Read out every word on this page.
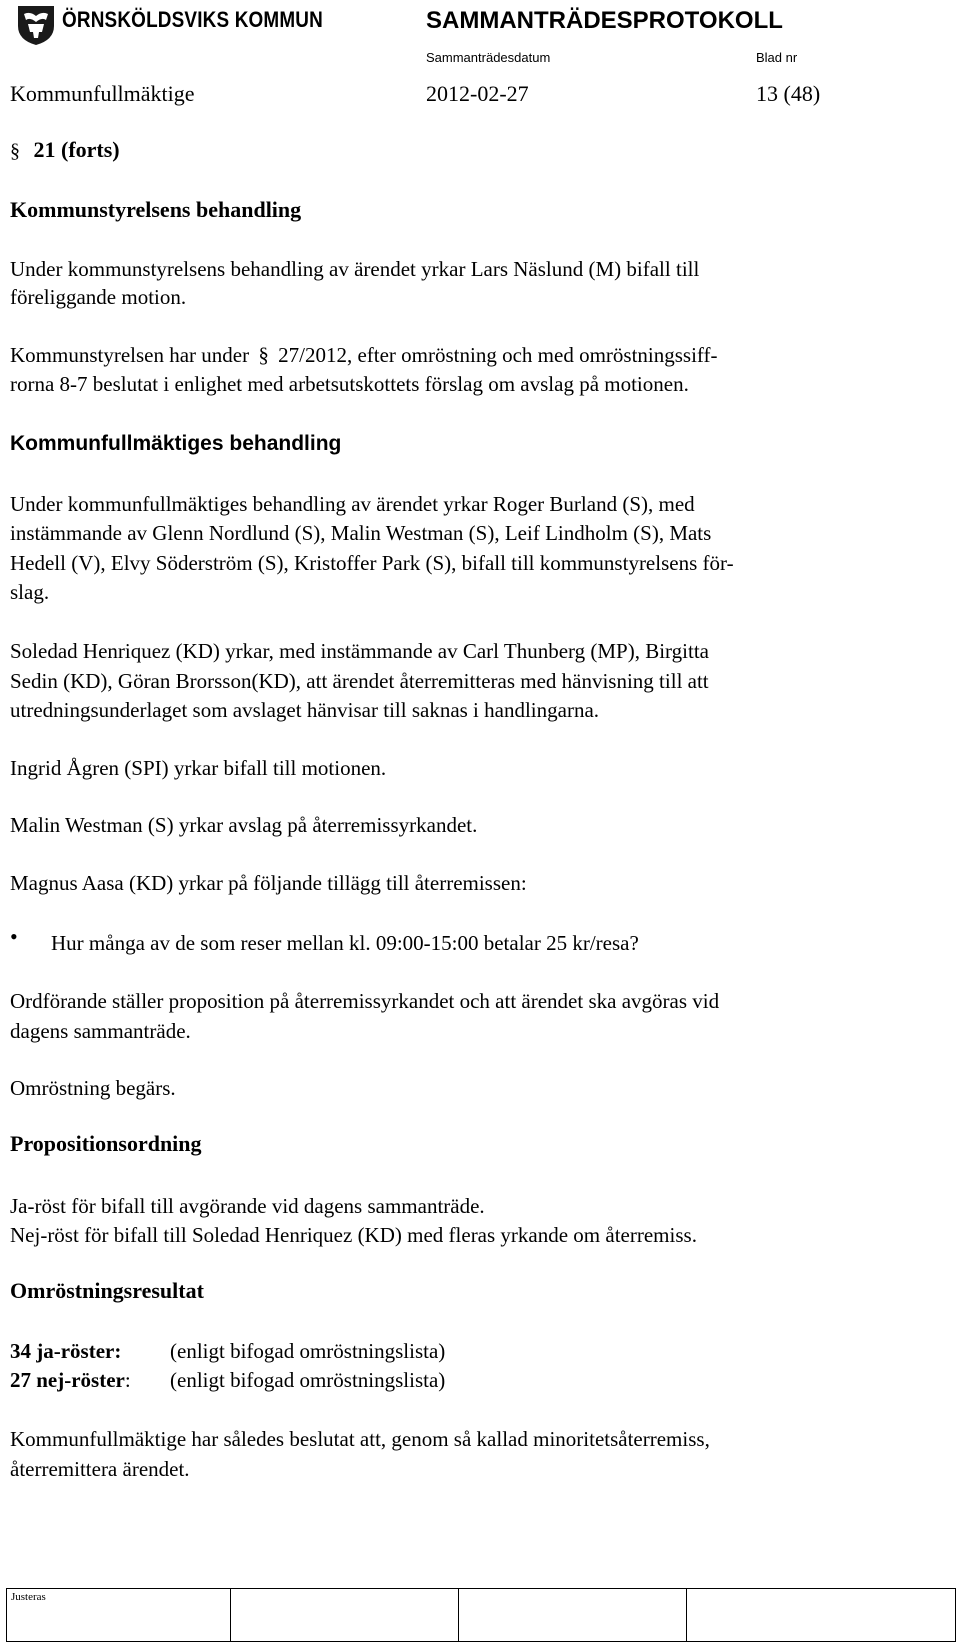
ÖRNSKÖLDSVIKS KOMMUN	SAMMANTRÄDESPROTOKOLL
Sammanträdesdatum	Blad nr
Kommunfullmäktige	2012-02-27	13 (48)
§ 21 (forts)
Kommunstyrelsens behandling
Under kommunstyrelsens behandling av ärendet yrkar Lars Näslund (M) bifall till
föreliggande motion.
Kommunstyrelsen har under § 27/2012, efter omröstning och med omröstningssiff-
rorna 8-7 beslutat i enlighet med arbetsutskottets förslag om avslag på motionen.
Kommunfullmäktiges behandling
Under kommunfullmäktiges behandling av ärendet yrkar Roger Burland (S), med
instämmande av Glenn Nordlund (S), Malin Westman (S), Leif Lindholm (S), Mats
Hedell (V), Elvy Söderström (S), Kristoffer Park (S), bifall till kommunstyrelsens för-
slag.
Soledad Henriquez (KD) yrkar, med instämmande av Carl Thunberg (MP), Birgitta
Sedin (KD), Göran Brorsson(KD), att ärendet återremitteras med hänvisning till att
utredningsunderlaget som avslaget hänvisar till saknas i handlingarna.
Ingrid Ågren (SPI) yrkar bifall till motionen.
Malin Westman (S) yrkar avslag på återremissyrkandet.
Magnus Aasa (KD) yrkar på följande tillägg till återremissen:
• Hur många av de som reser mellan kl. 09:00-15:00 betalar 25 kr/resa?
Ordförande ställer proposition på återremissyrkandet och att ärendet ska avgöras vid
dagens sammanträde.
Omröstning begärs.
Propositionsordning
Ja-röst för bifall till avgörande vid dagens sammanträde.
Nej-röst för bifall till Soledad Henriquez (KD) med fleras yrkande om återremiss.
Omröstningsresultat
34 ja-röster: (enligt bifogad omröstningslista)
27 nej-röster: (enligt bifogad omröstningslista)
Kommunfullmäktige har således beslutat att, genom så kallad minoritetsåterremiss,
återremittera ärendet.
Justeras
